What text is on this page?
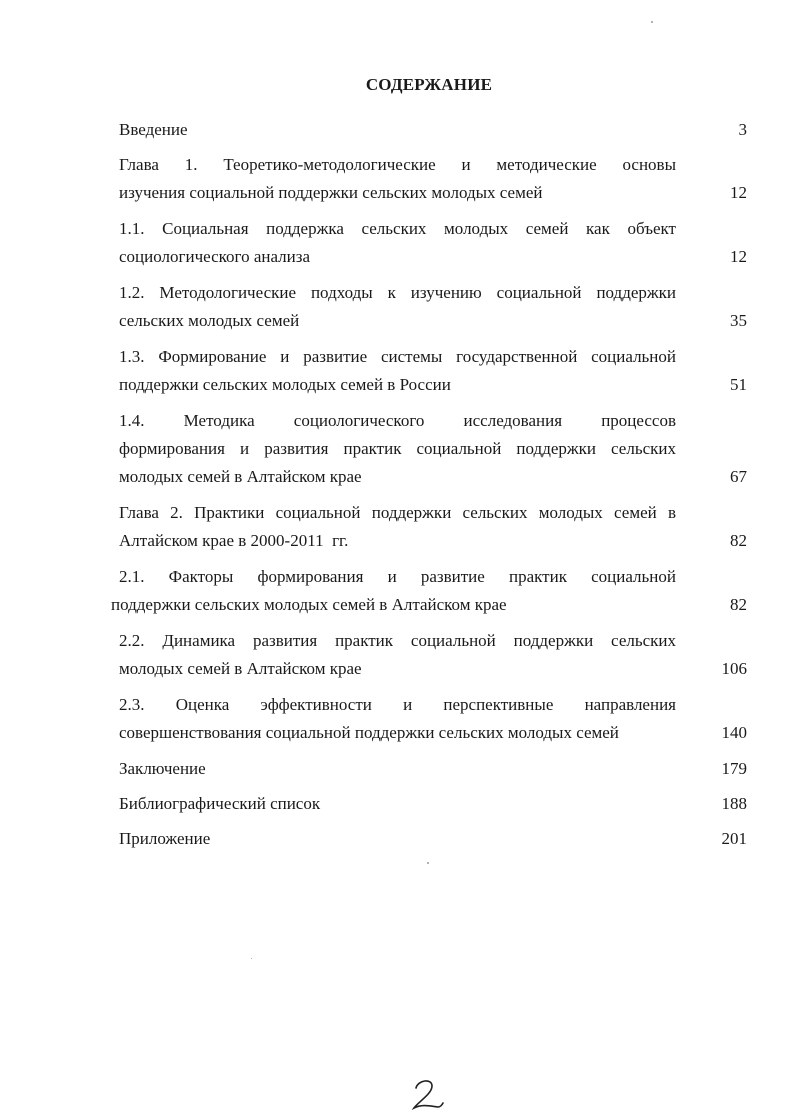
СОДЕРЖАНИЕ
Введение	3
Глава 1. Теоретико-методологические и методические основы
изучения социальной поддержки сельских молодых семей	12
1.1. Социальная поддержка сельских молодых семей как объект
социологического анализа	12
1.2. Методологические подходы к изучению социальной поддержки
сельских молодых семей	35
1.3. Формирование и развитие системы государственной социальной
поддержки сельских молодых семей в России	51
1.4. Методика социологического исследования процессов
формирования и развития практик социальной поддержки сельских
молодых семей в Алтайском крае	67
Глава 2. Практики социальной поддержки сельских молодых семей в
Алтайском крае в 2000-2011  гг.	82
2.1. Факторы формирования и развитие практик социальной
поддержки сельских молодых семей в Алтайском крае	82
2.2. Динамика развития практик социальной поддержки сельских
молодых семей в Алтайском крае	106
2.3. Оценка эффективности и перспективные направления
совершенствования социальной поддержки сельских молодых семей	140
Заключение	179
Библиографический список	188
Приложение	201
